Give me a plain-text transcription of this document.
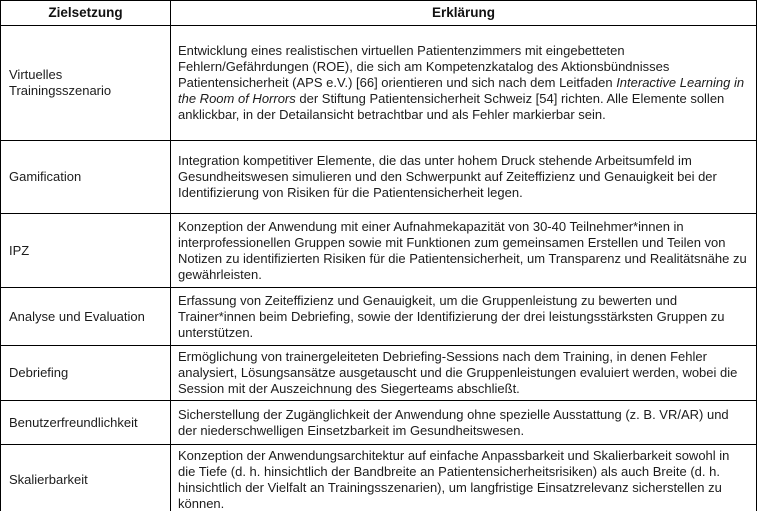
Zielsetzung	Erklärung
Virtuelles Trainingsszenario	Entwicklung eines realistischen virtuellen Patientenzimmers mit eingebetteten Fehlern/Gefährdungen (ROE), die sich am Kompetenzkatalog des Aktionsbündnisses Patientensicherheit (APS e.V.) [66] orientieren und sich nach dem Leitfaden Interactive Learning in the Room of Horrors der Stiftung Patientensicherheit Schweiz [54] richten. Alle Elemente sollen anklickbar, in der Detailansicht betrachtbar und als Fehler markierbar sein.
Gamification	Integration kompetitiver Elemente, die das unter hohem Druck stehende Arbeitsumfeld im Gesundheitswesen simulieren und den Schwerpunkt auf Zeiteffizienz und Genauigkeit bei der Identifizierung von Risiken für die Patientensicherheit legen.
IPZ	Konzeption der Anwendung mit einer Aufnahmekapazität von 30-40 Teilnehmer*innen in interprofessionellen Gruppen sowie mit Funktionen zum gemeinsamen Erstellen und Teilen von Notizen zu identifizierten Risiken für die Patientensicherheit, um Transparenz und Realitätsnähe zu gewährleisten.
Analyse und Evaluation	Erfassung von Zeiteffizienz und Genauigkeit, um die Gruppenleistung zu bewerten und Trainer*innen beim Debriefing, sowie der Identifizierung der drei leistungsstärksten Gruppen zu unterstützen.
Debriefing	Ermöglichung von trainergeleiteten Debriefing-Sessions nach dem Training, in denen Fehler analysiert, Lösungsansätze ausgetauscht und die Gruppenleistungen evaluiert werden, wobei die Session mit der Auszeichnung des Siegerteams abschließt.
Benutzerfreundlichkeit	Sicherstellung der Zugänglichkeit der Anwendung ohne spezielle Ausstattung (z. B. VR/AR) und der niederschwelligen Einsetzbarkeit im Gesundheitswesen.
Skalierbarkeit	Konzeption der Anwendungsarchitektur auf einfache Anpassbarkeit und Skalierbarkeit sowohl in die Tiefe (d. h. hinsichtlich der Bandbreite an Patientensicherheitsrisiken) als auch Breite (d. h. hinsichtlich der Vielfalt an Trainingsszenarien), um langfristige Einsatzrelevanz sicherstellen zu können.
